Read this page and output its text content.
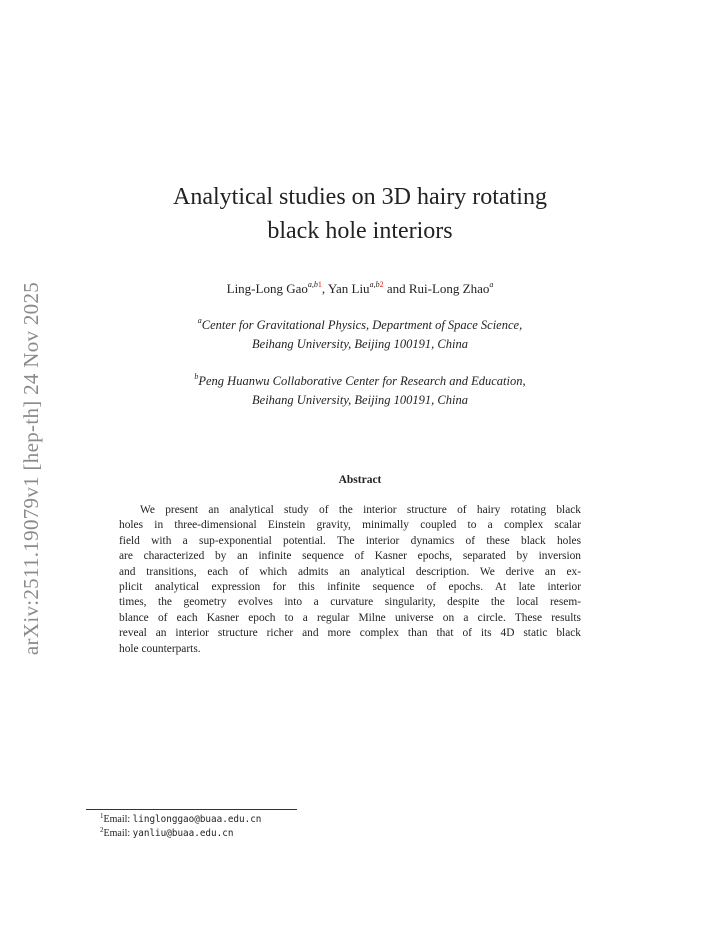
arXiv:2511.19079v1 [hep-th] 24 Nov 2025
Analytical studies on 3D hairy rotating
black hole interiors
Ling-Long Gao$^{a,b1}$, Yan Liu$^{a,b2}$ and Rui-Long Zhao$^a$
$^a$Center for Gravitational Physics, Department of Space Science,
Beihang University, Beijing 100191, China
$^b$Peng Huanwu Collaborative Center for Research and Education,
Beihang University, Beijing 100191, China
Abstract
We present an analytical study of the interior structure of hairy rotating black
holes in three-dimensional Einstein gravity, minimally coupled to a complex scalar
field with a sup-exponential potential. The interior dynamics of these black holes
are characterized by an infinite sequence of Kasner epochs, separated by inversion
and transitions, each of which admits an analytical description. We derive an ex-
plicit analytical expression for this infinite sequence of epochs. At late interior
times, the geometry evolves into a curvature singularity, despite the local resem-
blance of each Kasner epoch to a regular Milne universe on a circle. These results
reveal an interior structure richer and more complex than that of its 4D static black
hole counterparts.
$^1$Email: linglonggao@buaa.edu.cn
$^2$Email: yanliu@buaa.edu.cn
